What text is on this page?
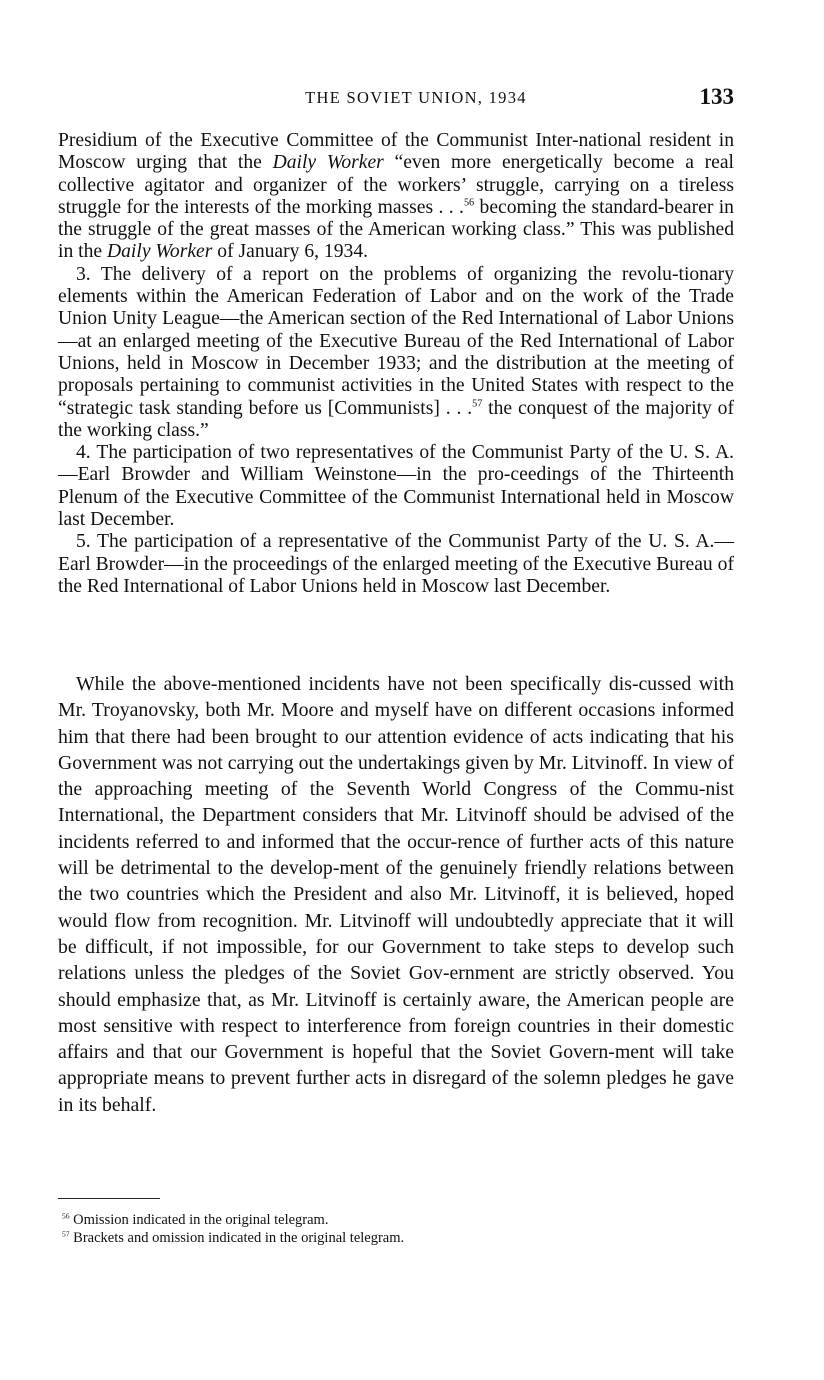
THE SOVIET UNION, 1934	133

Presidium of the Executive Committee of the Communist Inter-national resident in Moscow urging that the Daily Worker “even more energetically become a real collective agitator and organizer of the workers’ struggle, carrying on a tireless struggle for the interests of the morking masses . . .$^{56}$ becoming the standard-bearer in the struggle of the great masses of the American working class.” This was published in the Daily Worker of January 6, 1934.

3. The delivery of a report on the problems of organizing the revolu-tionary elements within the American Federation of Labor and on the work of the Trade Union Unity League—the American section of the Red International of Labor Unions—at an enlarged meeting of the Executive Bureau of the Red International of Labor Unions, held in Moscow in December 1933; and the distribution at the meeting of proposals pertaining to communist activities in the United States with respect to the “strategic task standing before us [Communists] . . .$^{57}$ the conquest of the majority of the working class.”

4. The participation of two representatives of the Communist Party of the U. S. A.—Earl Browder and William Weinstone—in the pro-ceedings of the Thirteenth Plenum of the Executive Committee of the Communist International held in Moscow last December.

5. The participation of a representative of the Communist Party of the U. S. A.—Earl Browder—in the proceedings of the enlarged meeting of the Executive Bureau of the Red International of Labor Unions held in Moscow last December.

While the above-mentioned incidents have not been specifically dis-cussed with Mr. Troyanovsky, both Mr. Moore and myself have on different occasions informed him that there had been brought to our attention evidence of acts indicating that his Government was not carrying out the undertakings given by Mr. Litvinoff. In view of the approaching meeting of the Seventh World Congress of the Commu-nist International, the Department considers that Mr. Litvinoff should be advised of the incidents referred to and informed that the occur-rence of further acts of this nature will be detrimental to the develop-ment of the genuinely friendly relations between the two countries which the President and also Mr. Litvinoff, it is believed, hoped would flow from recognition. Mr. Litvinoff will undoubtedly appreciate that it will be difficult, if not impossible, for our Government to take steps to develop such relations unless the pledges of the Soviet Gov-ernment are strictly observed. You should emphasize that, as Mr. Litvinoff is certainly aware, the American people are most sensitive with respect to interference from foreign countries in their domestic affairs and that our Government is hopeful that the Soviet Govern-ment will take appropriate means to prevent further acts in disregard of the solemn pledges he gave in its behalf.

$^{56}$ Omission indicated in the original telegram.

$^{57}$ Brackets and omission indicated in the original telegram.
